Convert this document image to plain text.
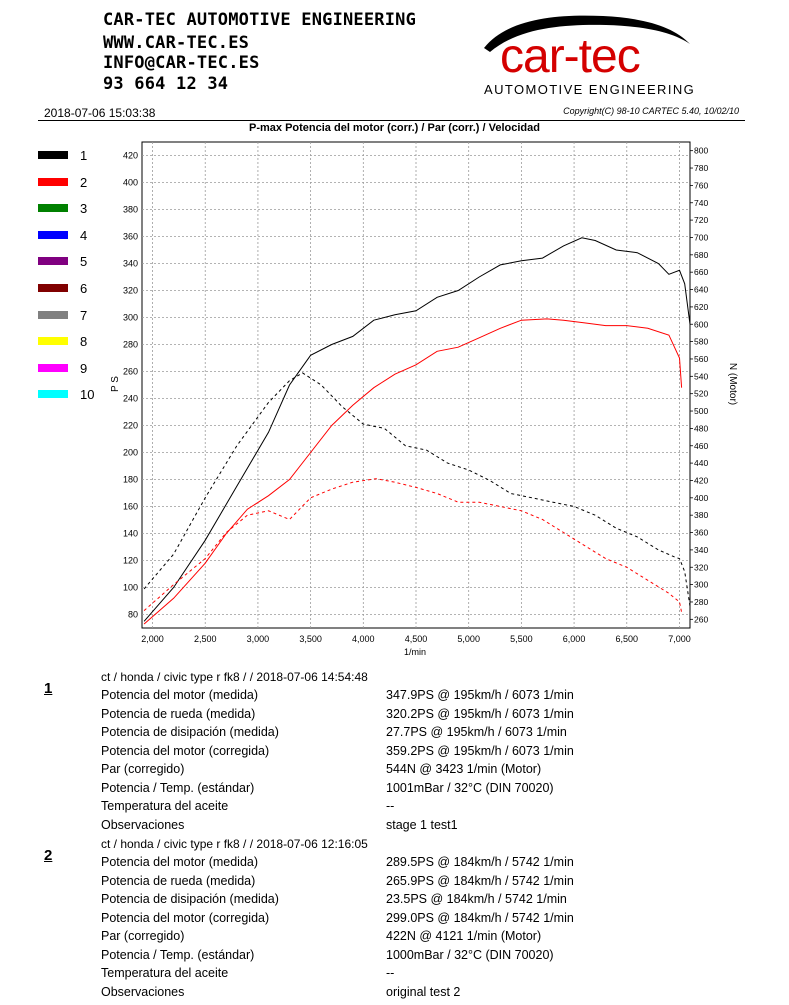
CAR-TEC AUTOMOTIVE ENGINEERING
WWW.CAR-TEC.ES
INFO@CAR-TEC.ES
93 664 12 34
car-tec
AUTOMOTIVE ENGINEERING
2018-07-06 15:03:38	Copyright(C) 98-10 CARTEC 5.40, 10/02/10
P-max Potencia del motor (corr.) / Par (corr.) / Velocidad
1
2
3
4
5
6
7
8
9
10
2,000	2,500	3,000	3,500	4,000	4,500	5,000	5,500	6,000	6,500	7,000
80
100
120
140
160
180
200
220
240
260
280
300
320
340
360
380
400
420
260
280
300
320
340
360
380
400
420
440
460
480
500
520
540
560
580
600
620
640
660
680
700
720
740
760
780
800
1/min
P S	N (Motor)
1
ct / honda / civic type r fk8 / / 2018-07-06 14:54:48
Potencia del motor (medida)	347.9PS @ 195km/h / 6073 1/min
Potencia de rueda (medida)	320.2PS @ 195km/h / 6073 1/min
Potencia de disipación (medida)	27.7PS @ 195km/h / 6073 1/min
Potencia del motor (corregida)	359.2PS @ 195km/h / 6073 1/min
Par (corregido)	544N @ 3423 1/min (Motor)
Potencia / Temp. (estándar)	1001mBar / 32°C (DIN 70020)
Temperatura del aceite	--
Observaciones	stage 1 test1
2
ct / honda / civic type r fk8 / / 2018-07-06 12:16:05
Potencia del motor (medida)	289.5PS @ 184km/h / 5742 1/min
Potencia de rueda (medida)	265.9PS @ 184km/h / 5742 1/min
Potencia de disipación (medida)	23.5PS @ 184km/h / 5742 1/min
Potencia del motor (corregida)	299.0PS @ 184km/h / 5742 1/min
Par (corregido)	422N @ 4121 1/min (Motor)
Potencia / Temp. (estándar)	1000mBar / 32°C (DIN 70020)
Temperatura del aceite	--
Observaciones	original test 2
